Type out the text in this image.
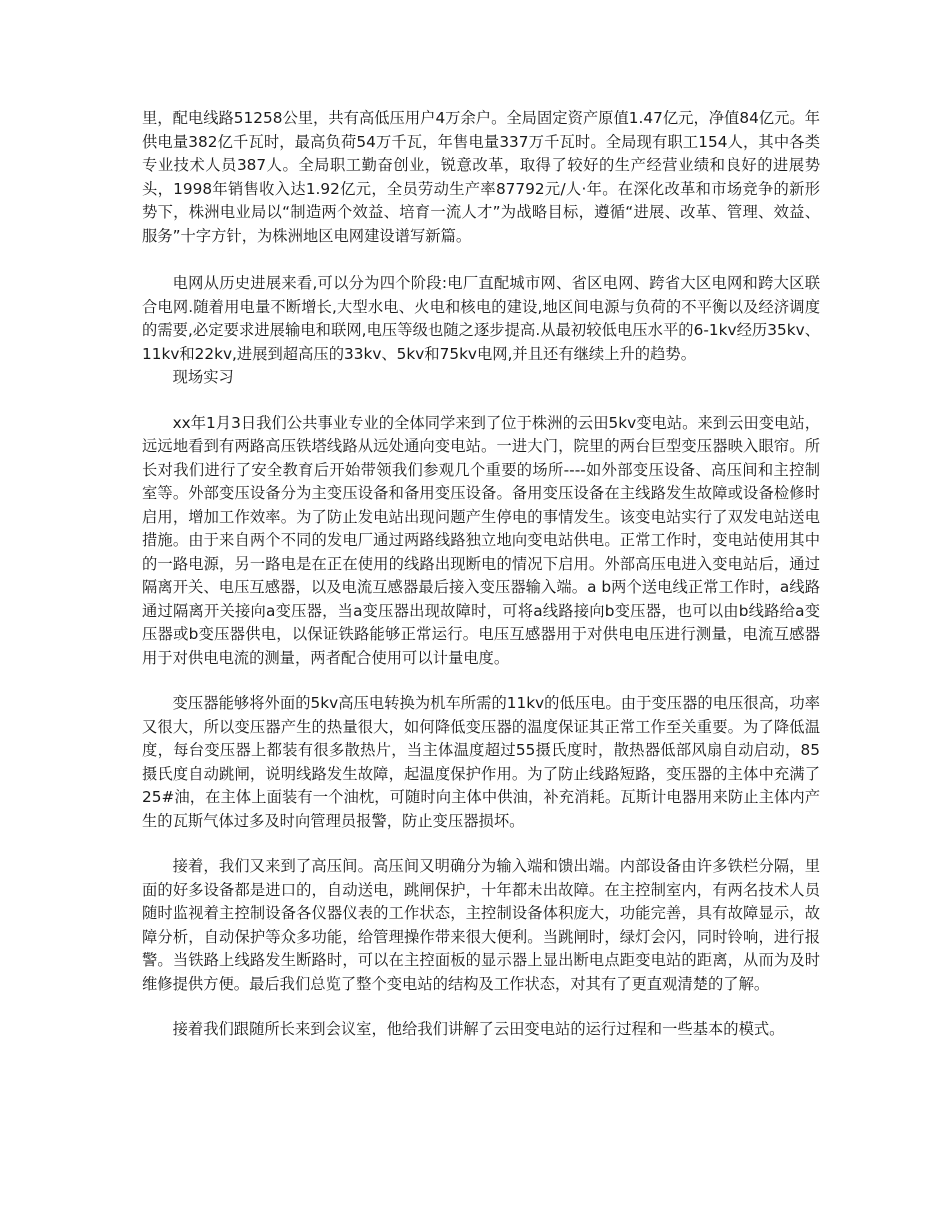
里，配电线路51258公里，共有高低压用户4万余户。全局固定资产原值1.47亿元，净值84亿元。年供电量382亿千瓦时，最高负荷54万千瓦，年售电量337万千瓦时。全局现有职工154人，其中各类专业技术人员387人。全局职工勤奋创业，锐意改革，取得了较好的生产经营业绩和良好的进展势头，1998年销售收入达1.92亿元，全员劳动生产率87792元/人·年。在深化改革和市场竞争的新形势下，株洲电业局以“制造两个效益、培育一流人才”为战略目标，遵循“进展、改革、管理、效益、服务”十字方针，为株洲地区电网建设谱写新篇。

电网从历史进展来看,可以分为四个阶段:电厂直配城市网、省区电网、跨省大区电网和跨大区联合电网.随着用电量不断增长,大型水电、火电和核电的建设,地区间电源与负荷的不平衡以及经济调度的需要,必定要求进展输电和联网,电压等级也随之逐步提高.从最初较低电压水平的6-1kv经历35kv、11kv和22kv,进展到超高压的33kv、5kv和75kv电网,并且还有继续上升的趋势。

现场实习

xx年1月3日我们公共事业专业的全体同学来到了位于株洲的云田5kv变电站。来到云田变电站，远远地看到有两路高压铁塔线路从远处通向变电站。一进大门，院里的两台巨型变压器映入眼帘。所长对我们进行了安全教育后开始带领我们参观几个重要的场所----如外部变压设备、高压间和主控制室等。外部变压设备分为主变压设备和备用变压设备。备用变压设备在主线路发生故障或设备检修时启用，增加工作效率。为了防止发电站出现问题产生停电的事情发生。该变电站实行了双发电站送电措施。由于来自两个不同的发电厂通过两路线路独立地向变电站供电。正常工作时，变电站使用其中的一路电源，另一路电是在正在使用的线路出现断电的情况下启用。外部高压电进入变电站后，通过隔离开关、电压互感器，以及电流互感器最后接入变压器输入端。a b两个送电线正常工作时，a线路通过隔离开关接向a变压器，当a变压器出现故障时，可将a线路接向b变压器，也可以由b线路给a变压器或b变压器供电，以保证铁路能够正常运行。电压互感器用于对供电电压进行测量，电流互感器用于对供电电流的测量，两者配合使用可以计量电度。

变压器能够将外面的5kv高压电转换为机车所需的11kv的低压电。由于变压器的电压很高，功率又很大，所以变压器产生的热量很大，如何降低变压器的温度保证其正常工作至关重要。为了降低温度，每台变压器上都装有很多散热片，当主体温度超过55摄氏度时，散热器低部风扇自动启动，85摄氏度自动跳闸，说明线路发生故障，起温度保护作用。为了防止线路短路，变压器的主体中充满了25#油，在主体上面装有一个油枕，可随时向主体中供油，补充消耗。瓦斯计电器用来防止主体内产生的瓦斯气体过多及时向管理员报警，防止变压器损坏。

接着，我们又来到了高压间。高压间又明确分为输入端和馈出端。内部设备由许多铁栏分隔，里面的好多设备都是进口的，自动送电，跳闸保护，十年都未出故障。在主控制室内，有两名技术人员随时监视着主控制设备各仪器仪表的工作状态，主控制设备体积庞大，功能完善，具有故障显示，故障分析，自动保护等众多功能，给管理操作带来很大便利。当跳闸时，绿灯会闪，同时铃响，进行报警。当铁路上线路发生断路时，可以在主控面板的显示器上显出断电点距变电站的距离，从而为及时维修提供方便。最后我们总览了整个变电站的结构及工作状态，对其有了更直观清楚的了解。

接着我们跟随所长来到会议室，他给我们讲解了云田变电站的运行过程和一些基本的模式。
